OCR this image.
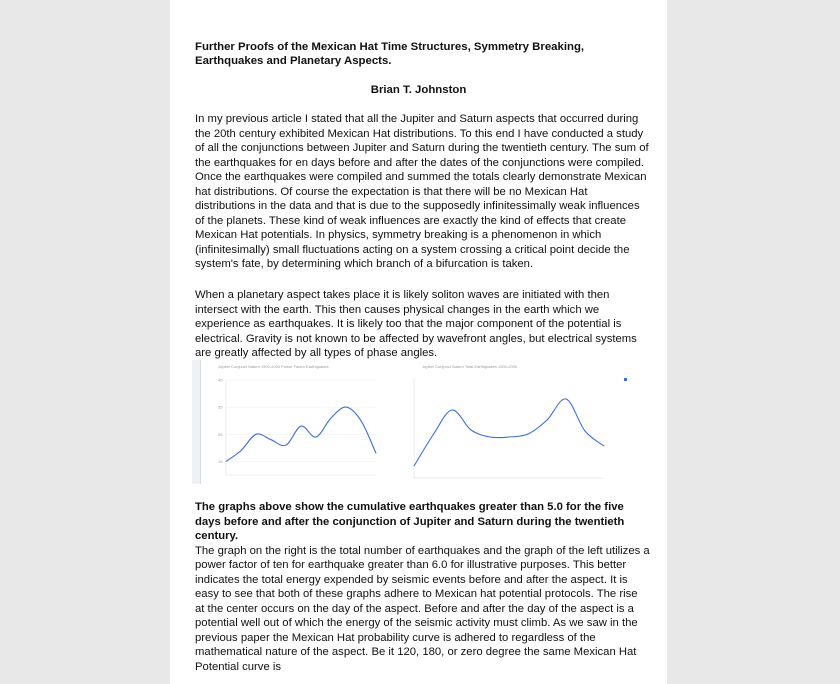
Further Proofs of the Mexican Hat Time Structures, Symmetry Breaking, Earthquakes and Planetary Aspects.
Brian T. Johnston

In my previous article I stated that all the Jupiter and Saturn aspects that occurred during the 20th century exhibited Mexican Hat distributions. To this end I have conducted a study of all the conjunctions between Jupiter and Saturn during the twentieth century. The sum of the earthquakes for en days before and after the dates of the conjunctions were compiled. Once the earthquakes were compiled and summed the totals clearly demonstrate Mexican hat distributions. Of course the expectation is that there will be no Mexican Hat distributions in the data and that is due to the supposedly infinitessimally weak influences of the planets. These kind of weak influences are exactly the kind of effects that create Mexican Hat potentials. In physics, symmetry breaking is a phenomenon in which (infinitesimally) small fluctuations acting on a system crossing a critical point decide the system's fate, by determining which branch of a bifurcation is taken.

When a planetary aspect takes place it is likely soliton waves are initiated with then intersect with the earth. This then causes physical changes in the earth which we experience as earthquakes. It is likely too that the major component of the potential is electrical. Gravity is not known to be affected by wavefront angles, but electrical systems are greatly affected by all types of phase angles.

Jupiter Conjunct Saturn 1900-2000 Power Factor Earthquakes
45
35
25
15
Jupiter Conjunct Saturn Total Earthquakes 1900-2000

The graphs above show the cumulative earthquakes greater than 5.0 for the five days before and after the conjunction of Jupiter and Saturn during the twentieth century.
The graph on the right is the total number of earthquakes and the graph of the left utilizes a power factor of ten for earthquake greater than 6.0 for illustrative purposes. This better indicates the total energy expended by seismic events before and after the aspect. It is easy to see that both of these graphs adhere to Mexican hat potential protocols. The rise at the center occurs on the day of the aspect. Before and after the day of the aspect is a potential well out of which the energy of the seismic activity must climb. As we saw in the previous paper the Mexican Hat probability curve is adhered to regardless of the mathematical nature of the aspect. Be it 120, 180, or zero degree the same Mexican Hat Potential curve is
